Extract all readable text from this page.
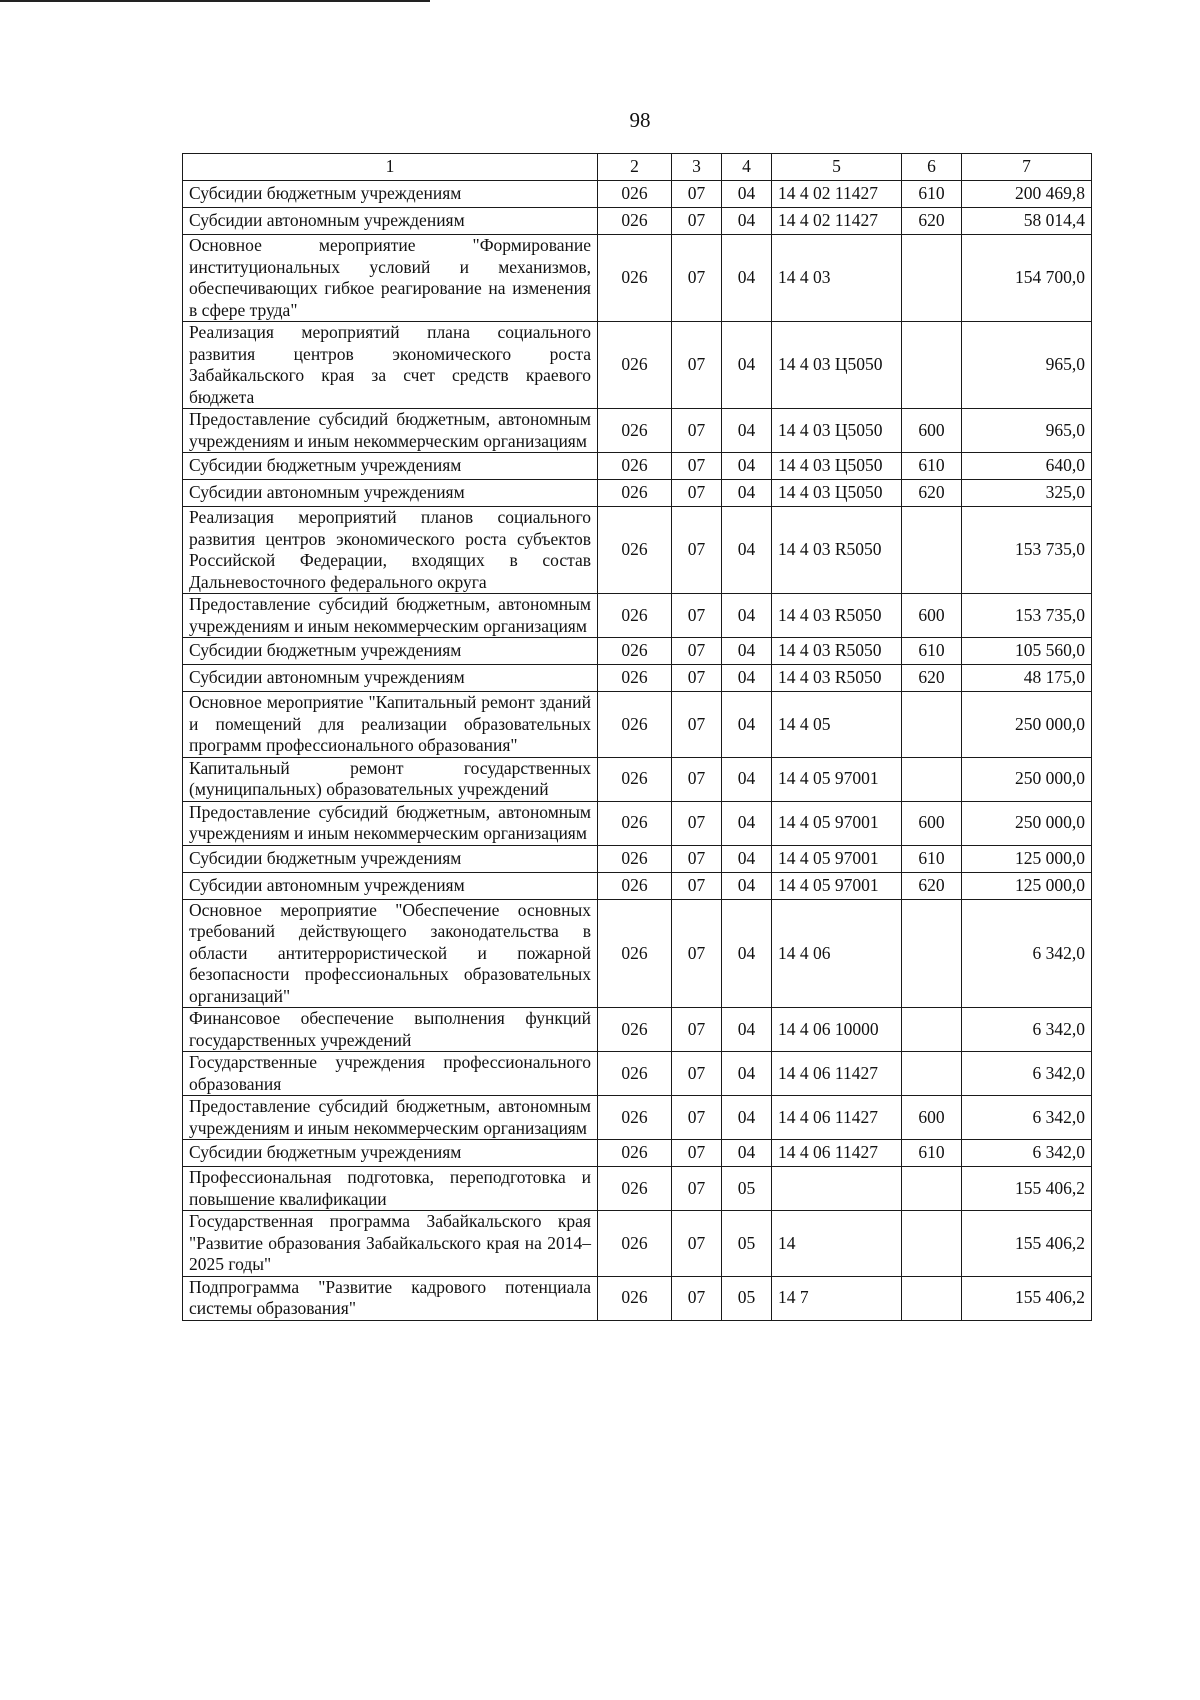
98
1	2	3	4	5	6	7
Субсидии бюджетным учреждениям	026	07	04	14 4 02 11427	610	200 469,8
Субсидии автономным учреждениям	026	07	04	14 4 02 11427	620	58 014,4
Основное мероприятие "Формирование институциональных условий и механизмов, обеспечивающих гибкое реагирование на изменения в сфере труда"	026	07	04	14 4 03		154 700,0
Реализация мероприятий плана социального развития центров экономического роста Забайкальского края за счет средств краевого бюджета	026	07	04	14 4 03 Ц5050		965,0
Предоставление субсидий бюджетным, автономным учреждениям и иным некоммерческим организациям	026	07	04	14 4 03 Ц5050	600	965,0
Субсидии бюджетным учреждениям	026	07	04	14 4 03 Ц5050	610	640,0
Субсидии автономным учреждениям	026	07	04	14 4 03 Ц5050	620	325,0
Реализация мероприятий планов социального развития центров экономического роста субъектов Российской Федерации, входящих в состав Дальневосточного федерального округа	026	07	04	14 4 03 R5050		153 735,0
Предоставление субсидий бюджетным, автономным учреждениям и иным некоммерческим организациям	026	07	04	14 4 03 R5050	600	153 735,0
Субсидии бюджетным учреждениям	026	07	04	14 4 03 R5050	610	105 560,0
Субсидии автономным учреждениям	026	07	04	14 4 03 R5050	620	48 175,0
Основное мероприятие "Капитальный ремонт зданий и помещений для реализации образовательных программ профессионального образования"	026	07	04	14 4 05		250 000,0
Капитальный ремонт государственных (муниципальных) образовательных учреждений	026	07	04	14 4 05 97001		250 000,0
Предоставление субсидий бюджетным, автономным учреждениям и иным некоммерческим организациям	026	07	04	14 4 05 97001	600	250 000,0
Субсидии бюджетным учреждениям	026	07	04	14 4 05 97001	610	125 000,0
Субсидии автономным учреждениям	026	07	04	14 4 05 97001	620	125 000,0
Основное мероприятие "Обеспечение основных требований действующего законодательства в области антитеррористической и пожарной безопасности профессиональных образовательных организаций"	026	07	04	14 4 06		6 342,0
Финансовое обеспечение выполнения функций государственных учреждений	026	07	04	14 4 06 10000		6 342,0
Государственные учреждения профессионального образования	026	07	04	14 4 06 11427		6 342,0
Предоставление субсидий бюджетным, автономным учреждениям и иным некоммерческим организациям	026	07	04	14 4 06 11427	600	6 342,0
Субсидии бюджетным учреждениям	026	07	04	14 4 06 11427	610	6 342,0
Профессиональная подготовка, переподготовка и повышение квалификации	026	07	05			155 406,2
Государственная программа Забайкальского края "Развитие образования Забайкальского края на 2014–2025 годы"	026	07	05	14		155 406,2
Подпрограмма "Развитие кадрового потенциала системы образования"	026	07	05	14 7		155 406,2
